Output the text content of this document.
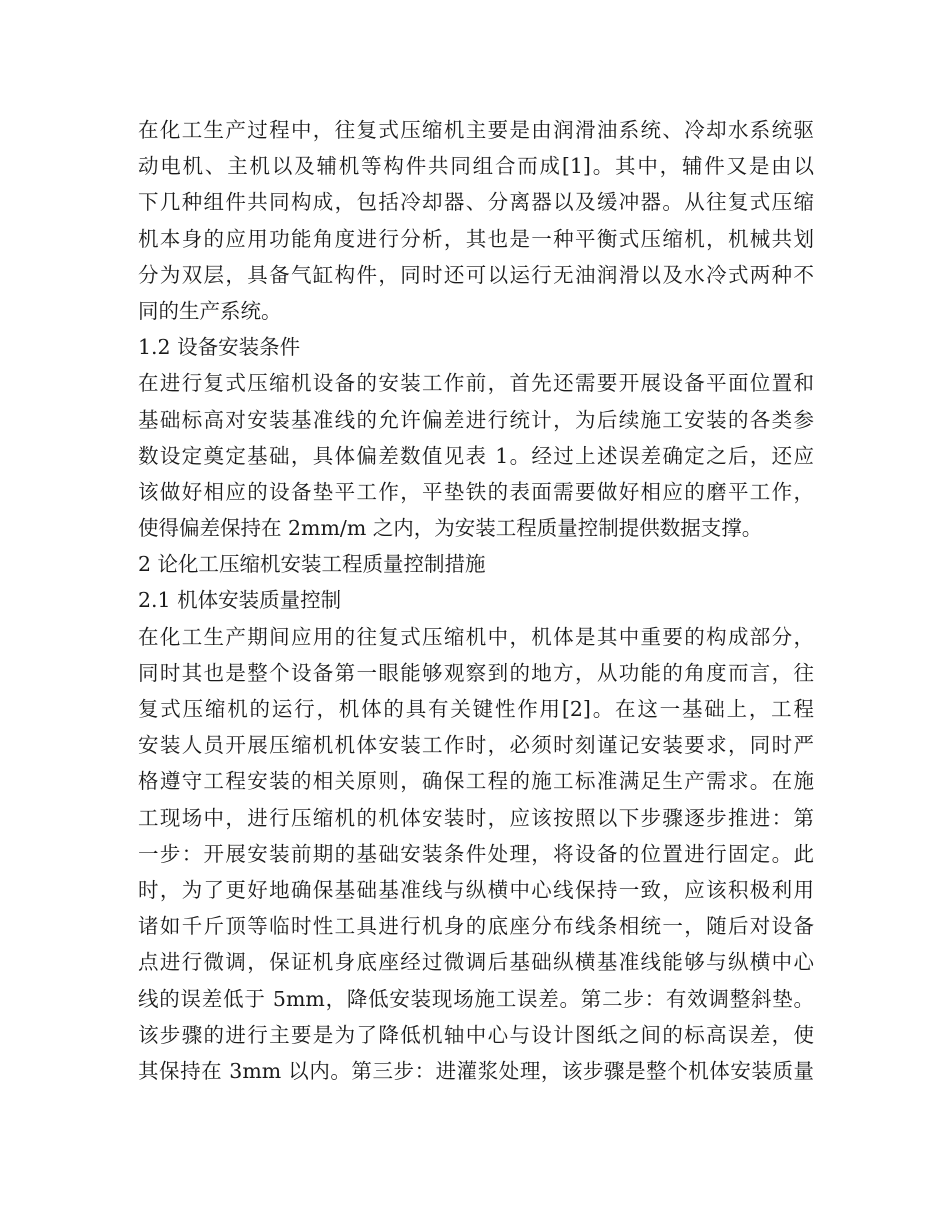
在化工生产过程中，往复式压缩机主要是由润滑油系统、冷却水系统驱
动电机、主机以及辅机等构件共同组合而成[1]。其中，辅件又是由以
下几种组件共同构成，包括冷却器、分离器以及缓冲器。从往复式压缩
机本身的应用功能角度进行分析，其也是一种平衡式压缩机，机械共划
分为双层，具备气缸构件，同时还可以运行无油润滑以及水冷式两种不
同的生产系统。
1.2 设备安装条件
在进行复式压缩机设备的安装工作前，首先还需要开展设备平面位置和
基础标高对安装基准线的允许偏差进行统计，为后续施工安装的各类参
数设定奠定基础，具体偏差数值见表 1。经过上述误差确定之后，还应
该做好相应的设备垫平工作，平垫铁的表面需要做好相应的磨平工作，
使得偏差保持在 2mm/m 之内，为安装工程质量控制提供数据支撑。
2 论化工压缩机安装工程质量控制措施
2.1 机体安装质量控制
在化工生产期间应用的往复式压缩机中，机体是其中重要的构成部分，
同时其也是整个设备第一眼能够观察到的地方，从功能的角度而言，往
复式压缩机的运行，机体的具有关键性作用[2]。在这一基础上，工程
安装人员开展压缩机机体安装工作时，必须时刻谨记安装要求，同时严
格遵守工程安装的相关原则，确保工程的施工标准满足生产需求。在施
工现场中，进行压缩机的机体安装时，应该按照以下步骤逐步推进：第
一步：开展安装前期的基础安装条件处理，将设备的位置进行固定。此
时，为了更好地确保基础基准线与纵横中心线保持一致，应该积极利用
诸如千斤顶等临时性工具进行机身的底座分布线条相统一，随后对设备
点进行微调，保证机身底座经过微调后基础纵横基准线能够与纵横中心
线的误差低于 5mm，降低安装现场施工误差。第二步：有效调整斜垫。
该步骤的进行主要是为了降低机轴中心与设计图纸之间的标高误差，使
其保持在 3mm 以内。第三步：进灌浆处理，该步骤是整个机体安装质量
